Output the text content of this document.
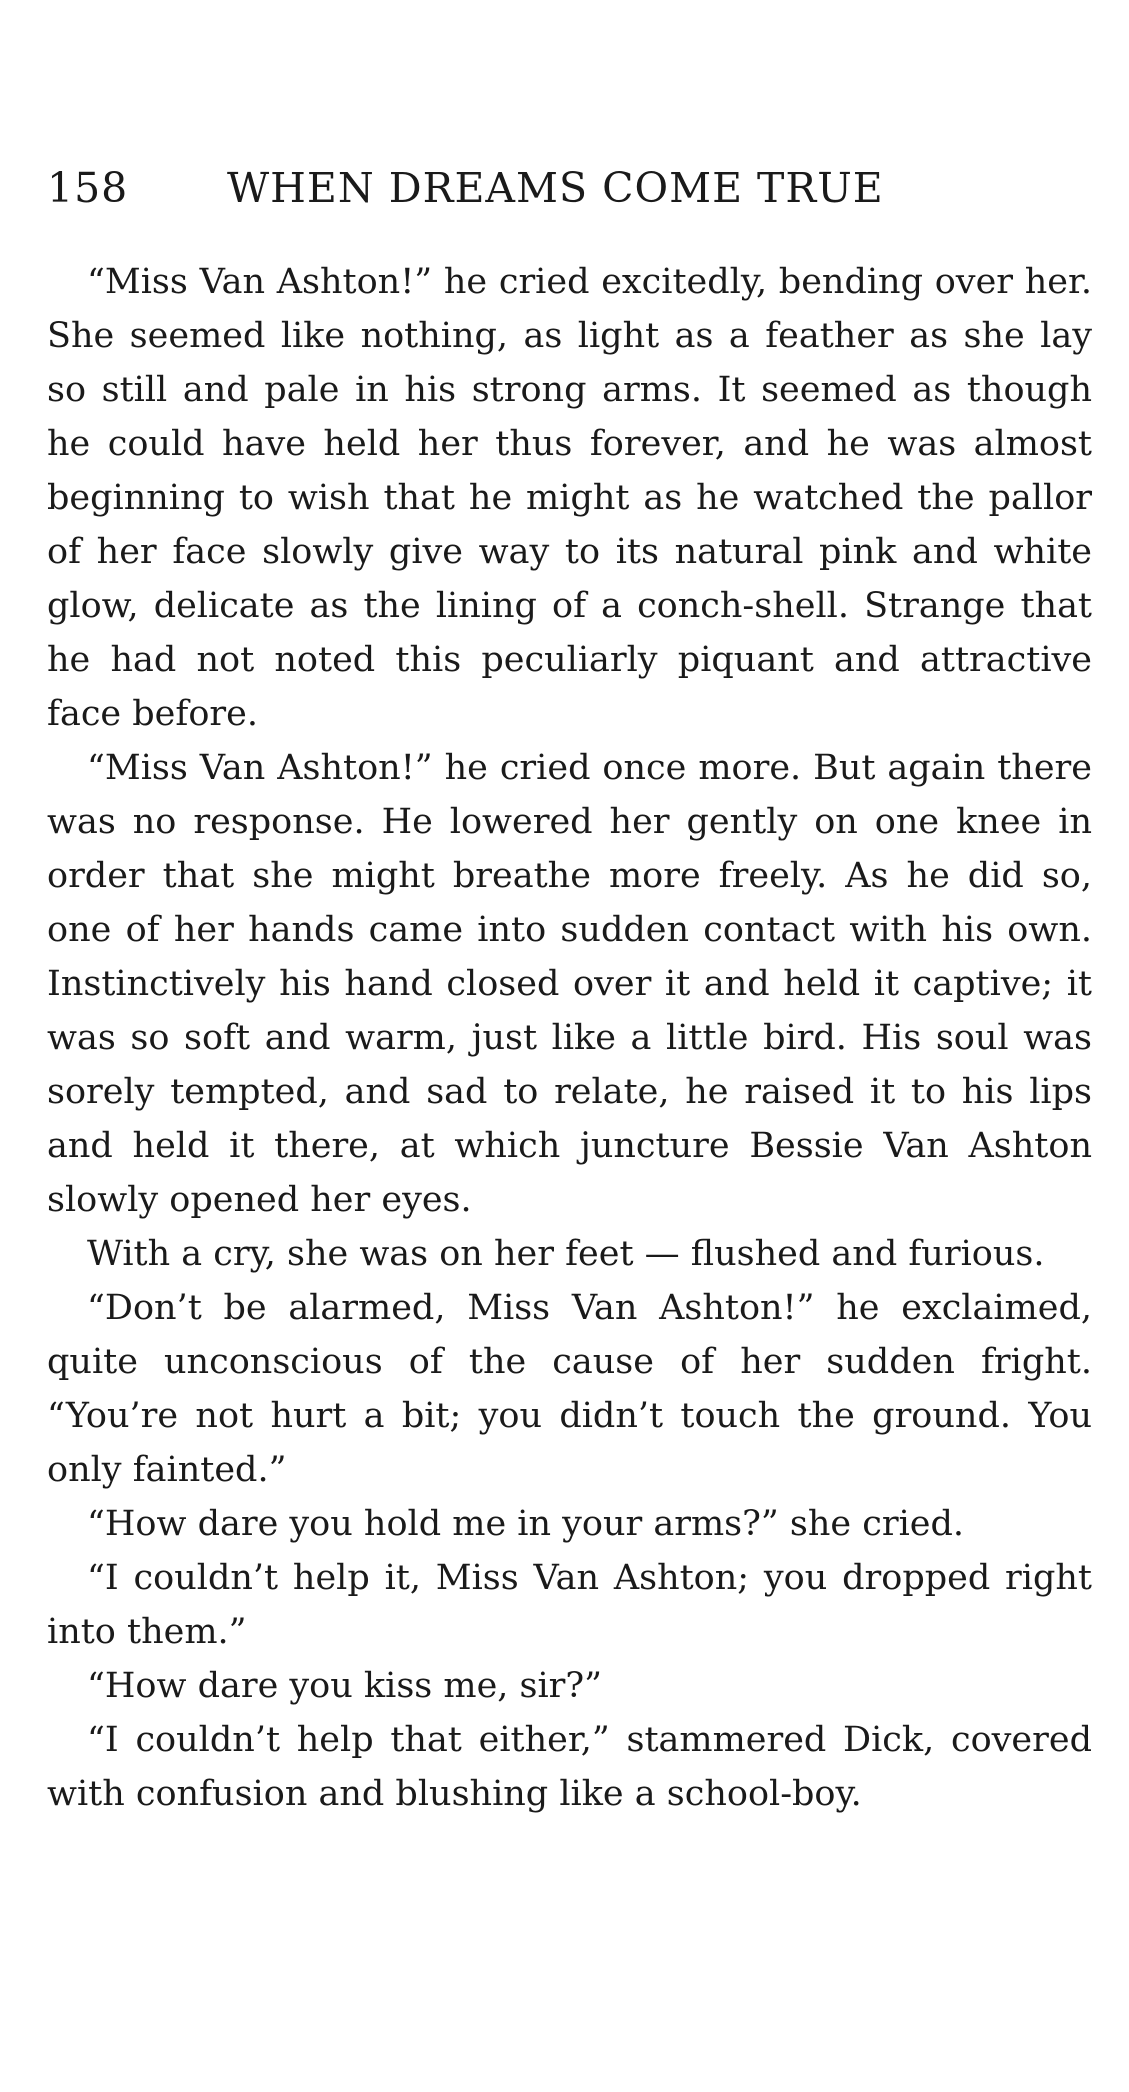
158 WHEN DREAMS COME TRUE

“Miss Van Ashton!” he cried excitedly, bending over her. She seemed like nothing, as light as a feather as she lay so still and pale in his strong arms. It seemed as though he could have held her thus forever, and he was almost beginning to wish that he might as he watched the pallor of her face slowly give way to its natural pink and white glow, delicate as the lining of a conch-shell. Strange that he had not noted this peculiarly piquant and attractive face before.

“Miss Van Ashton!” he cried once more. But again there was no response. He lowered her gently on one knee in order that she might breathe more freely. As he did so, one of her hands came into sudden contact with his own. Instinctively his hand closed over it and held it captive; it was so soft and warm, just like a little bird. His soul was sorely tempted, and sad to relate, he raised it to his lips and held it there, at which juncture Bessie Van Ashton slowly opened her eyes.

With a cry, she was on her feet — flushed and furious.

“Don’t be alarmed, Miss Van Ashton!” he exclaimed, quite unconscious of the cause of her sudden fright. “You’re not hurt a bit; you didn’t touch the ground. You only fainted.”

“How dare you hold me in your arms?” she cried.

“I couldn’t help it, Miss Van Ashton; you dropped right into them.”

“How dare you kiss me, sir?”

“I couldn’t help that either,” stammered Dick, covered with confusion and blushing like a school-boy.
